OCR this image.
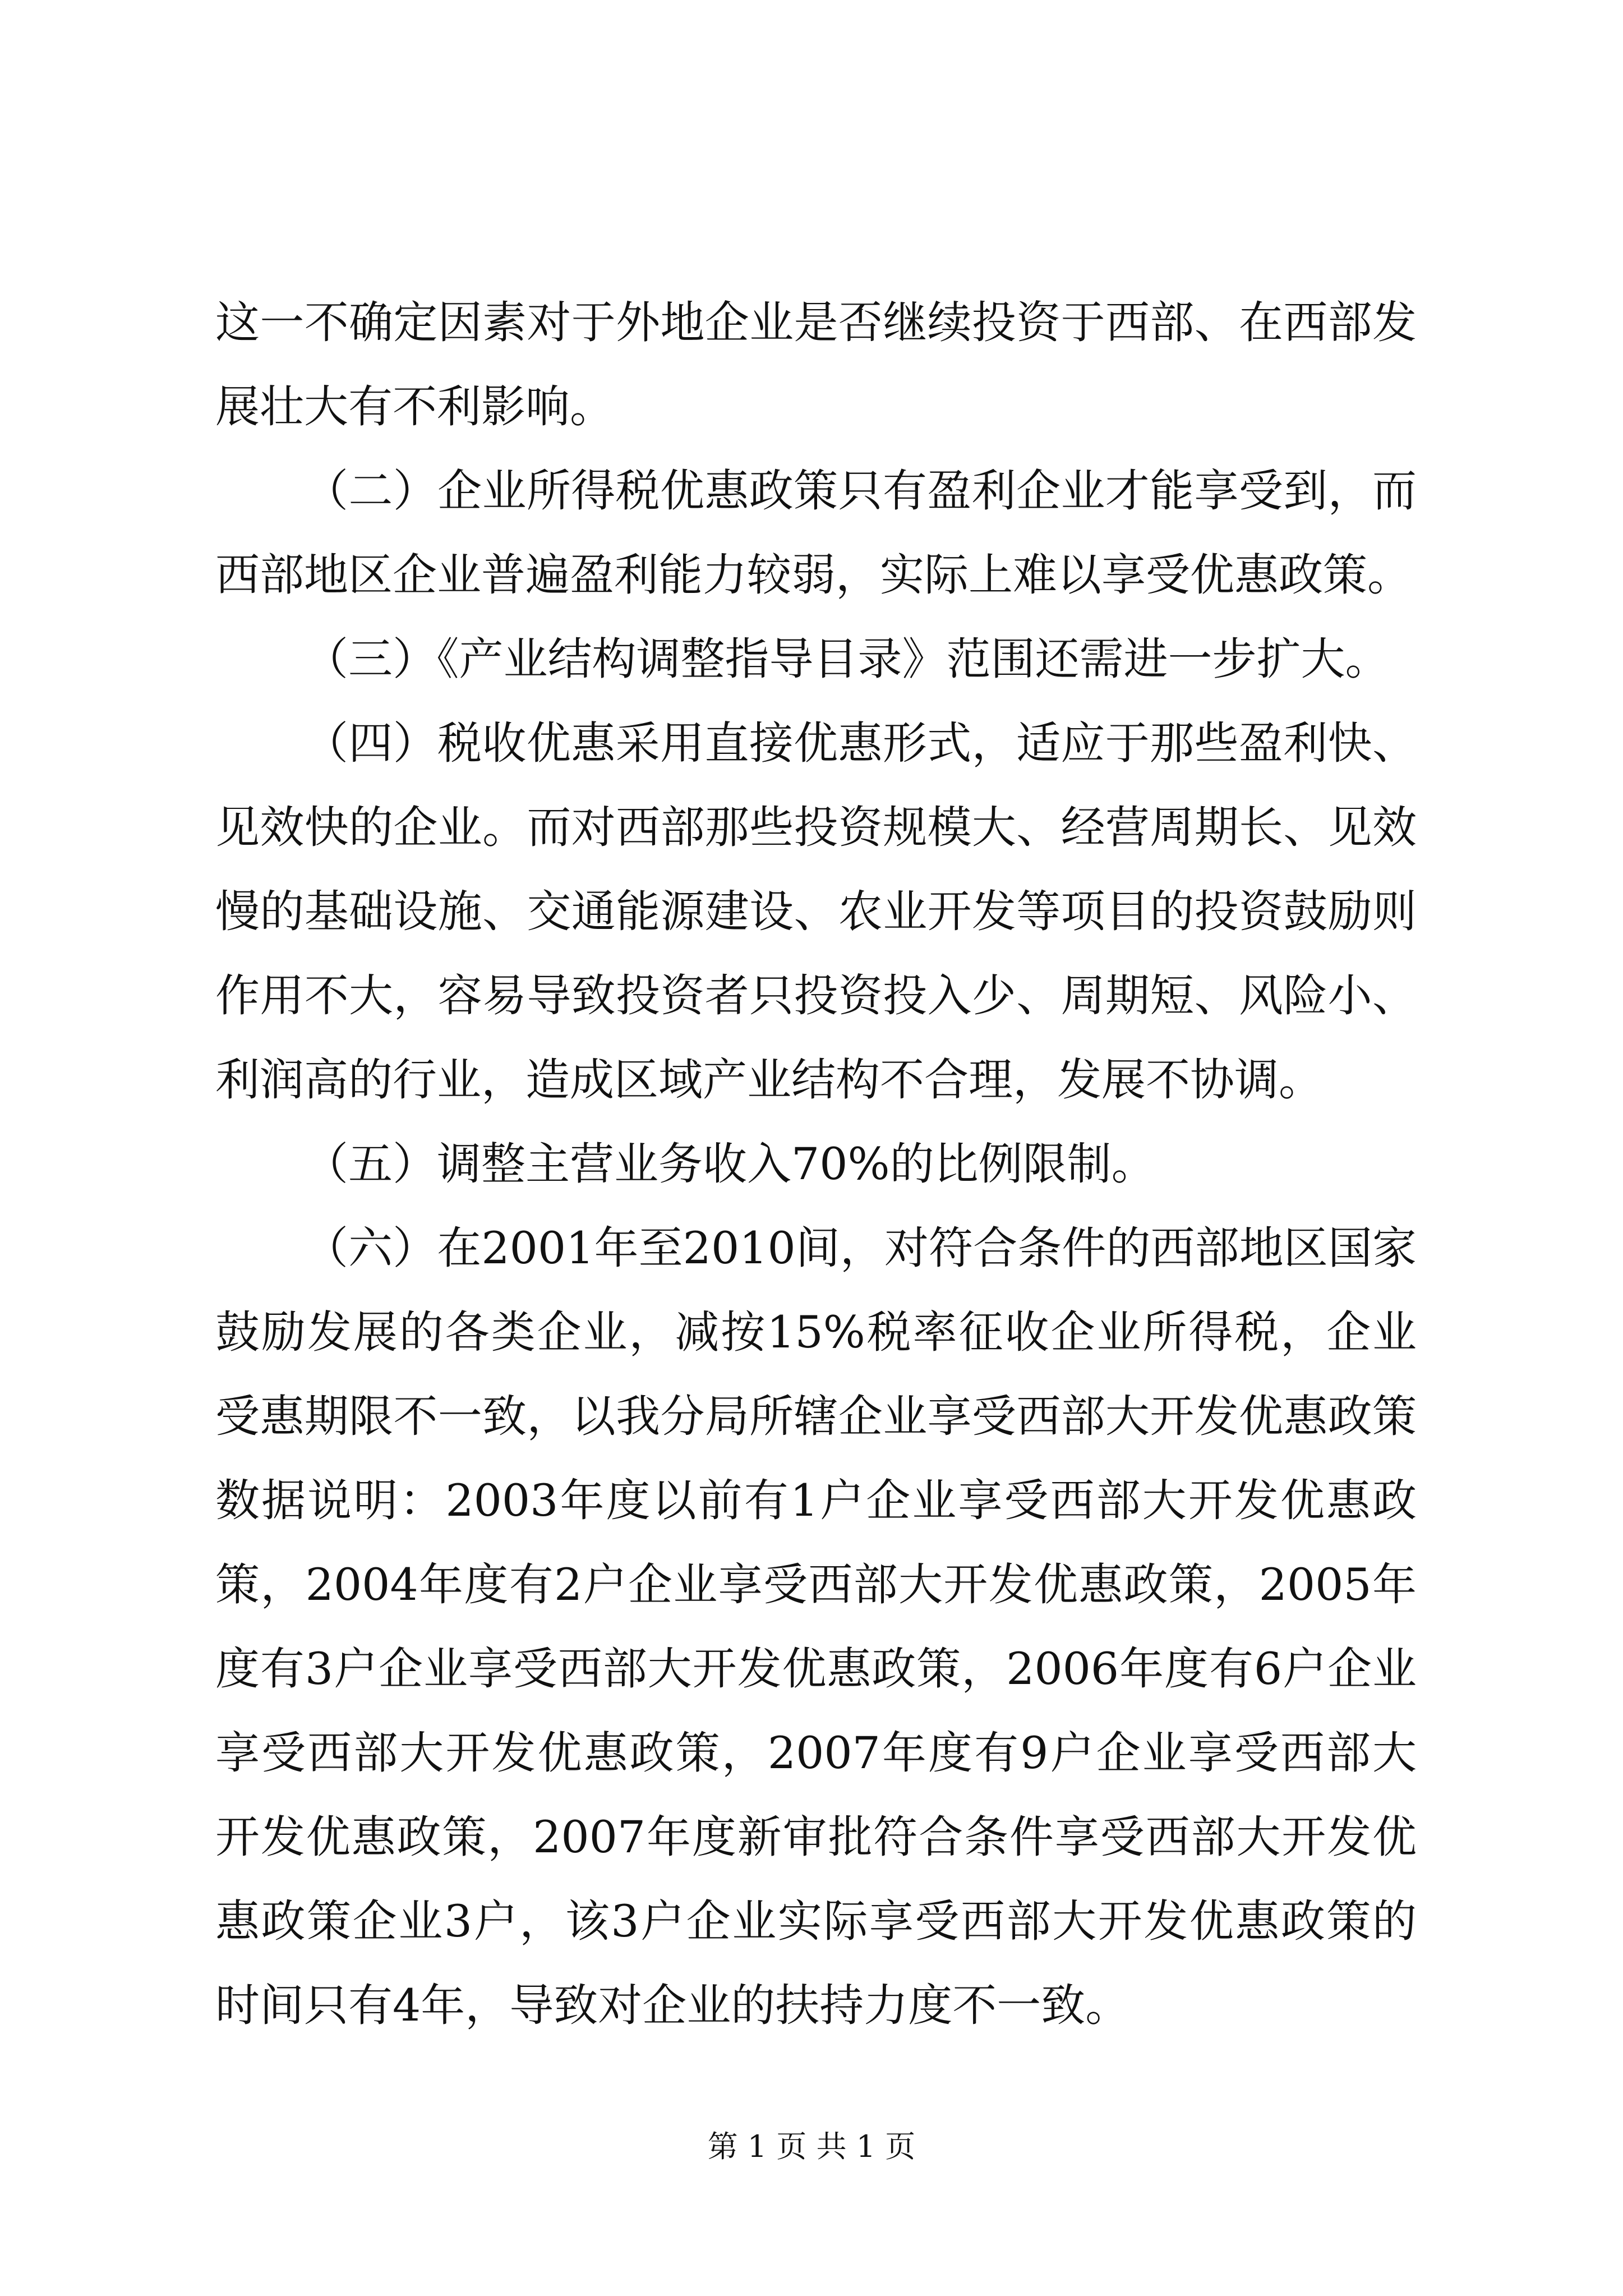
这一不确定因素对于外地企业是否继续投资于西部、在西部发展壮大有不利影响。

（二）企业所得税优惠政策只有盈利企业才能享受到，而西部地区企业普遍盈利能力较弱，实际上难以享受优惠政策。

（三）《产业结构调整指导目录》范围还需进一步扩大。

（四）税收优惠采用直接优惠形式，适应于那些盈利快、见效快的企业。而对西部那些投资规模大、经营周期长、见效慢的基础设施、交通能源建设、农业开发等项目的投资鼓励则作用不大，容易导致投资者只投资投入少、周期短、风险小、利润高的行业，造成区域产业结构不合理，发展不协调。

（五）调整主营业务收入70%的比例限制。

（六）在2001年至2010间，对符合条件的西部地区国家鼓励发展的各类企业，减按15%税率征收企业所得税，企业受惠期限不一致，以我分局所辖企业享受西部大开发优惠政策数据说明：2003年度以前有1户企业享受西部大开发优惠政策，2004年度有2户企业享受西部大开发优惠政策，2005年度有3户企业享受西部大开发优惠政策，2006年度有6户企业享受西部大开发优惠政策，2007年度有9户企业享受西部大开发优惠政策，2007年度新审批符合条件享受西部大开发优惠政策企业3户，该3户企业实际享受西部大开发优惠政策的时间只有4年，导致对企业的扶持力度不一致。

第 1 页 共 1 页
